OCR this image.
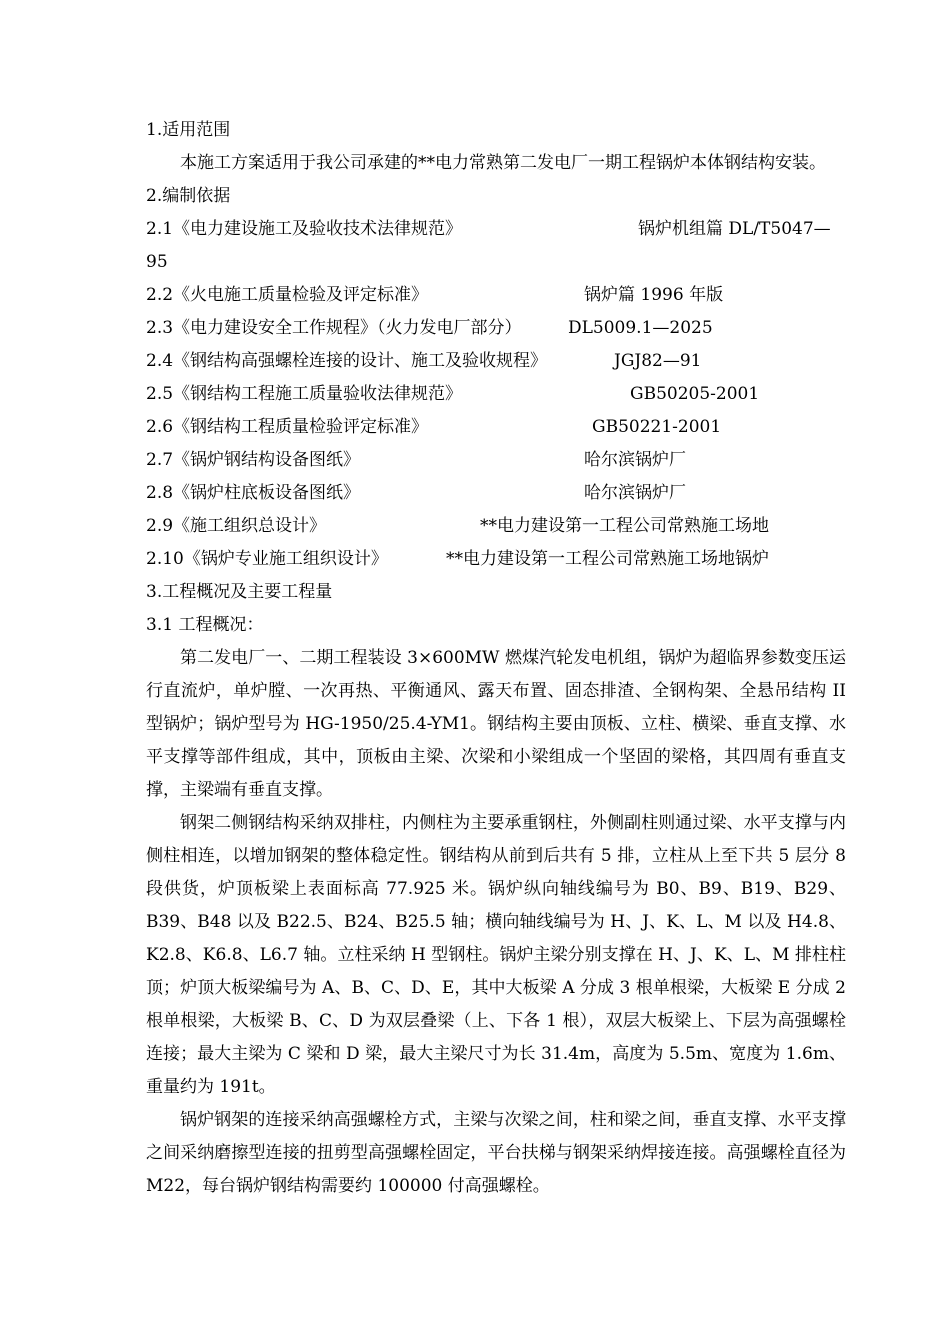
1.适用范围

本施工方案适用于我公司承建的**电力常熟第二发电厂一期工程锅炉本体钢结构安装。

2.编制依据
2.1《电力建设施工及验收技术法律规范》	锅炉机组篇 DL/T5047—
95
2.2《火电施工质量检验及评定标准》	锅炉篇 1996 年版
2.3《电力建设安全工作规程》（火力发电厂部分）	DL5009.1—2025
2.4《钢结构高强螺栓连接的设计、施工及验收规程》	JGJ82—91
2.5《钢结构工程施工质量验收法律规范》	GB50205-2001
2.6《钢结构工程质量检验评定标准》	GB50221-2001
2.7《锅炉钢结构设备图纸》	哈尔滨锅炉厂
2.8《锅炉柱底板设备图纸》	哈尔滨锅炉厂
2.9《施工组织总设计》	**电力建设第一工程公司常熟施工场地
2.10《锅炉专业施工组织设计》	**电力建设第一工程公司常熟施工场地锅炉
3.工程概况及主要工程量
3.1 工程概况：

第二发电厂一、二期工程装设 3×600MW 燃煤汽轮发电机组，锅炉为超临界参数变压运行直流炉，单炉膛、一次再热、平衡通风、露天布置、固态排渣、全钢构架、全悬吊结构 II 型锅炉；锅炉型号为 HG-1950/25.4-YM1。钢结构主要由顶板、立柱、横梁、垂直支撑、水平支撑等部件组成，其中，顶板由主梁、次梁和小梁组成一个坚固的梁格，其四周有垂直支撑，主梁端有垂直支撑。

钢架二侧钢结构采纳双排柱，内侧柱为主要承重钢柱，外侧副柱则通过梁、水平支撑与内侧柱相连，以增加钢架的整体稳定性。钢结构从前到后共有 5 排，立柱从上至下共 5 层分 8 段供货，炉顶板梁上表面标高 77.925 米。锅炉纵向轴线编号为 B0、B9、B19、B29、B39、B48 以及 B22.5、B24、B25.5 轴；横向轴线编号为 H、J、K、L、M 以及 H4.8、K2.8、K6.8、L6.7 轴。立柱采纳 H 型钢柱。锅炉主梁分别支撑在 H、J、K、L、M 排柱柱顶；炉顶大板梁编号为 A、B、C、D、E，其中大板梁 A 分成 3 根单根梁，大板梁 E 分成 2 根单根梁，大板梁 B、C、D 为双层叠梁（上、下各 1 根），双层大板梁上、下层为高强螺栓连接；最大主梁为 C 梁和 D 梁，最大主梁尺寸为长 31.4m，高度为 5.5m、宽度为 1.6m、重量约为 191t。

锅炉钢架的连接采纳高强螺栓方式，主梁与次梁之间，柱和梁之间，垂直支撑、水平支撑之间采纳磨擦型连接的扭剪型高强螺栓固定，平台扶梯与钢架采纳焊接连接。高强螺栓直径为 M22，每台锅炉钢结构需要约 100000 付高强螺栓。
